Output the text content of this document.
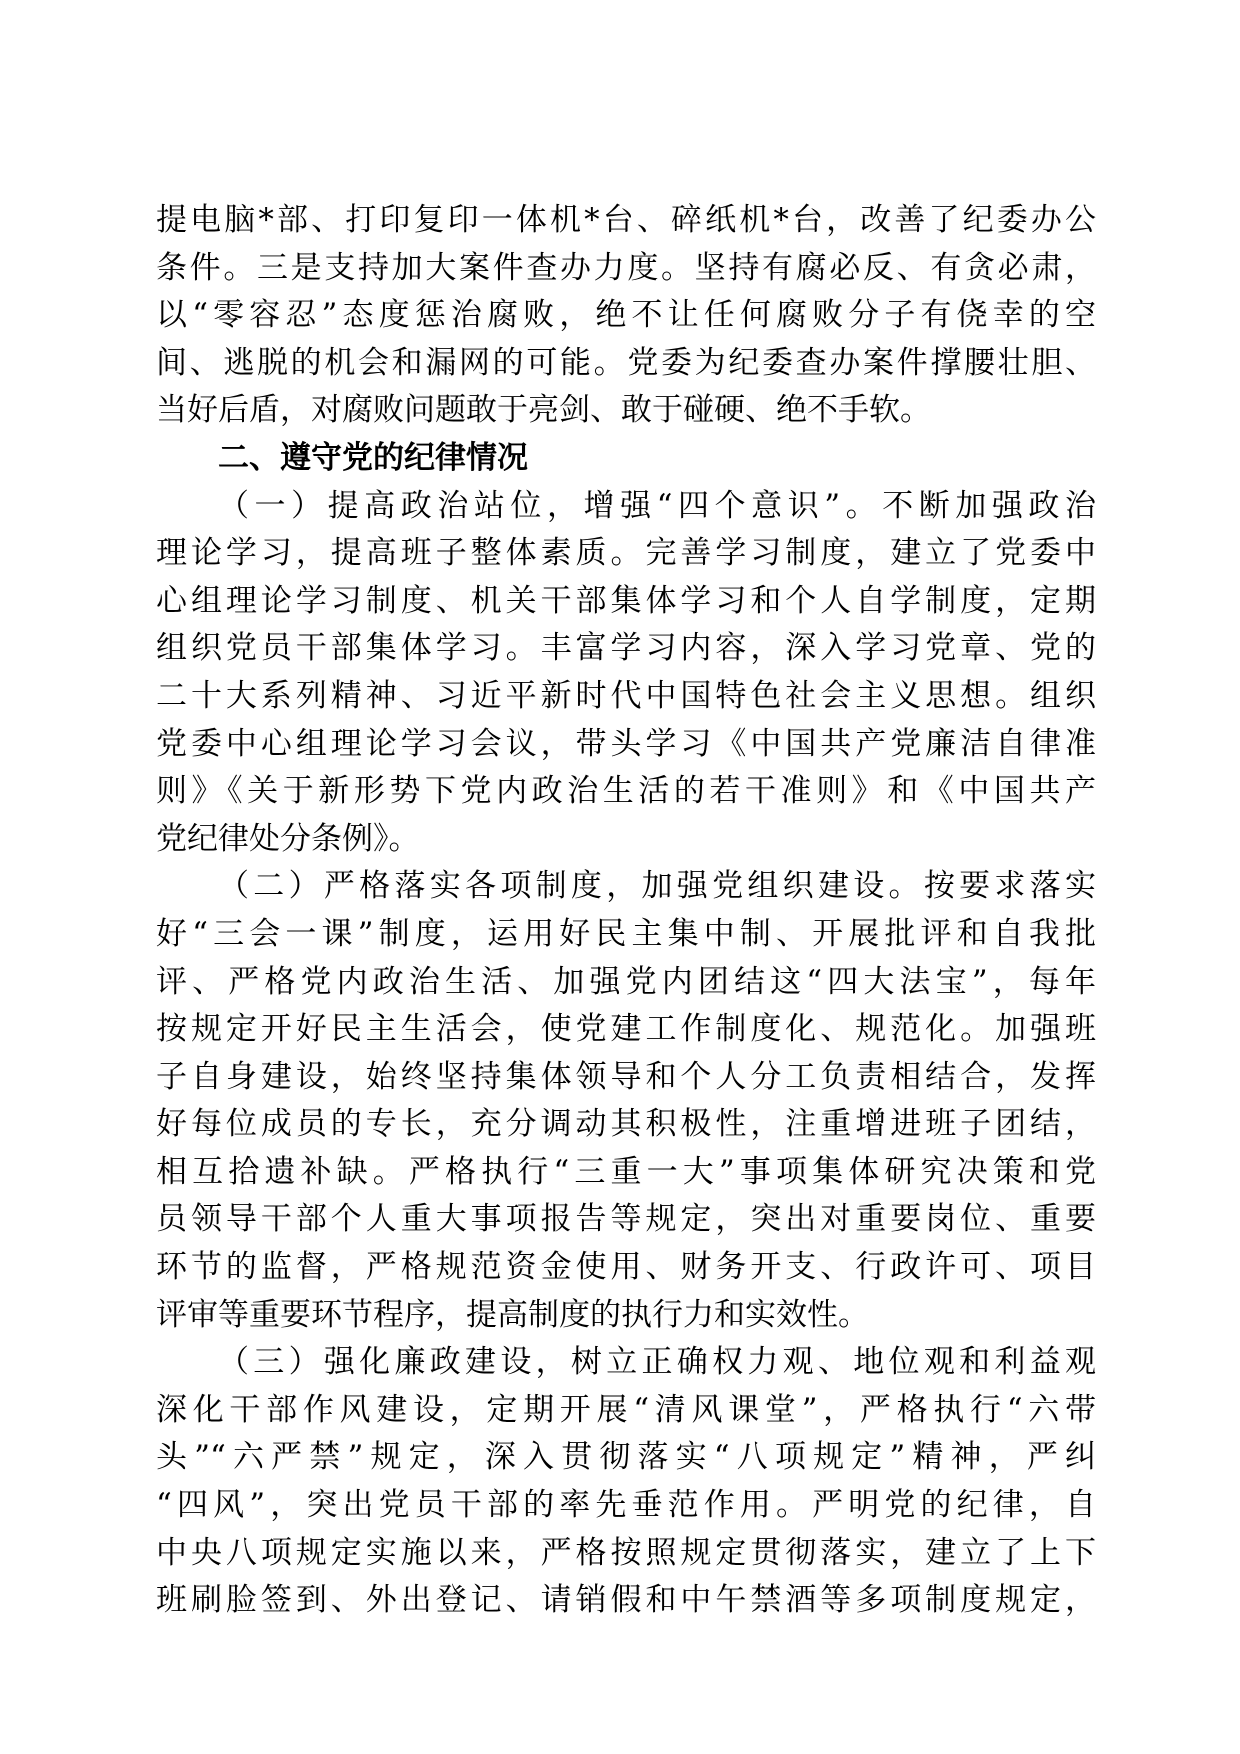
提电脑*部、打印复印一体机*台、碎纸机*台，改善了纪委办公
条件。三是支持加大案件查办力度。坚持有腐必反、有贪必肃，
以“零容忍”态度惩治腐败，绝不让任何腐败分子有侥幸的空
间、逃脱的机会和漏网的可能。党委为纪委查办案件撑腰壮胆、
当好后盾，对腐败问题敢于亮剑、敢于碰硬、绝不手软。
二、遵守党的纪律情况
（一）提高政治站位，增强“四个意识”。不断加强政治
理论学习，提高班子整体素质。完善学习制度，建立了党委中
心组理论学习制度、机关干部集体学习和个人自学制度，定期
组织党员干部集体学习。丰富学习内容，深入学习党章、党的
二十大系列精神、习近平新时代中国特色社会主义思想。组织
党委中心组理论学习会议，带头学习《中国共产党廉洁自律准
则》《关于新形势下党内政治生活的若干准则》和《中国共产
党纪律处分条例》。
（二）严格落实各项制度，加强党组织建设。按要求落实
好“三会一课”制度，运用好民主集中制、开展批评和自我批
评、严格党内政治生活、加强党内团结这“四大法宝”，每年
按规定开好民主生活会，使党建工作制度化、规范化。加强班
子自身建设，始终坚持集体领导和个人分工负责相结合，发挥
好每位成员的专长，充分调动其积极性，注重增进班子团结，
相互拾遗补缺。严格执行“三重一大”事项集体研究决策和党
员领导干部个人重大事项报告等规定，突出对重要岗位、重要
环节的监督，严格规范资金使用、财务开支、行政许可、项目
评审等重要环节程序，提高制度的执行力和实效性。
（三）强化廉政建设，树立正确权力观、地位观和利益观
深化干部作风建设，定期开展“清风课堂”，严格执行“六带
头”“六严禁”规定，深入贯彻落实“八项规定”精神，严纠
“四风”，突出党员干部的率先垂范作用。严明党的纪律，自
中央八项规定实施以来，严格按照规定贯彻落实，建立了上下
班刷脸签到、外出登记、请销假和中午禁酒等多项制度规定，
